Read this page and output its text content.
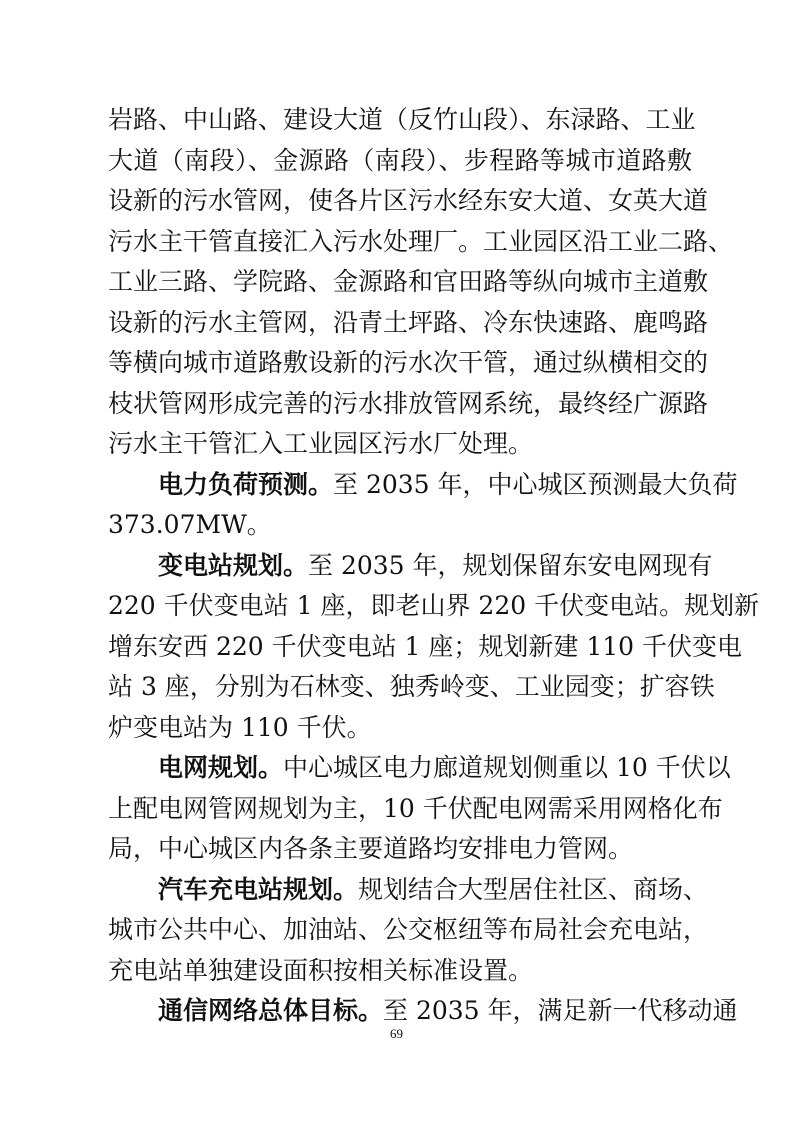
岩路、中山路、建设大道（反竹山段）、东渌路、工业
大道（南段）、金源路（南段）、步程路等城市道路敷
设新的污水管网，使各片区污水经东安大道、女英大道
污水主干管直接汇入污水处理厂。工业园区沿工业二路、
工业三路、学院路、金源路和官田路等纵向城市主道敷
设新的污水主管网，沿青土坪路、冷东快速路、鹿鸣路
等横向城市道路敷设新的污水次干管，通过纵横相交的
枝状管网形成完善的污水排放管网系统，最终经广源路
污水主干管汇入工业园区污水厂处理。
电力负荷预测。至 2035 年，中心城区预测最大负荷
373.07MW。
变电站规划。至 2035 年，规划保留东安电网现有
220 千伏变电站 1 座，即老山界 220 千伏变电站。规划新
增东安西 220 千伏变电站 1 座；规划新建 110 千伏变电
站 3 座，分别为石林变、独秀岭变、工业园变；扩容铁
炉变电站为 110 千伏。
电网规划。中心城区电力廊道规划侧重以 10 千伏以
上配电网管网规划为主，10 千伏配电网需采用网格化布
局，中心城区内各条主要道路均安排电力管网。
汽车充电站规划。规划结合大型居住社区、商场、
城市公共中心、加油站、公交枢纽等布局社会充电站，
充电站单独建设面积按相关标准设置。
通信网络总体目标。至 2035 年，满足新一代移动通
69
